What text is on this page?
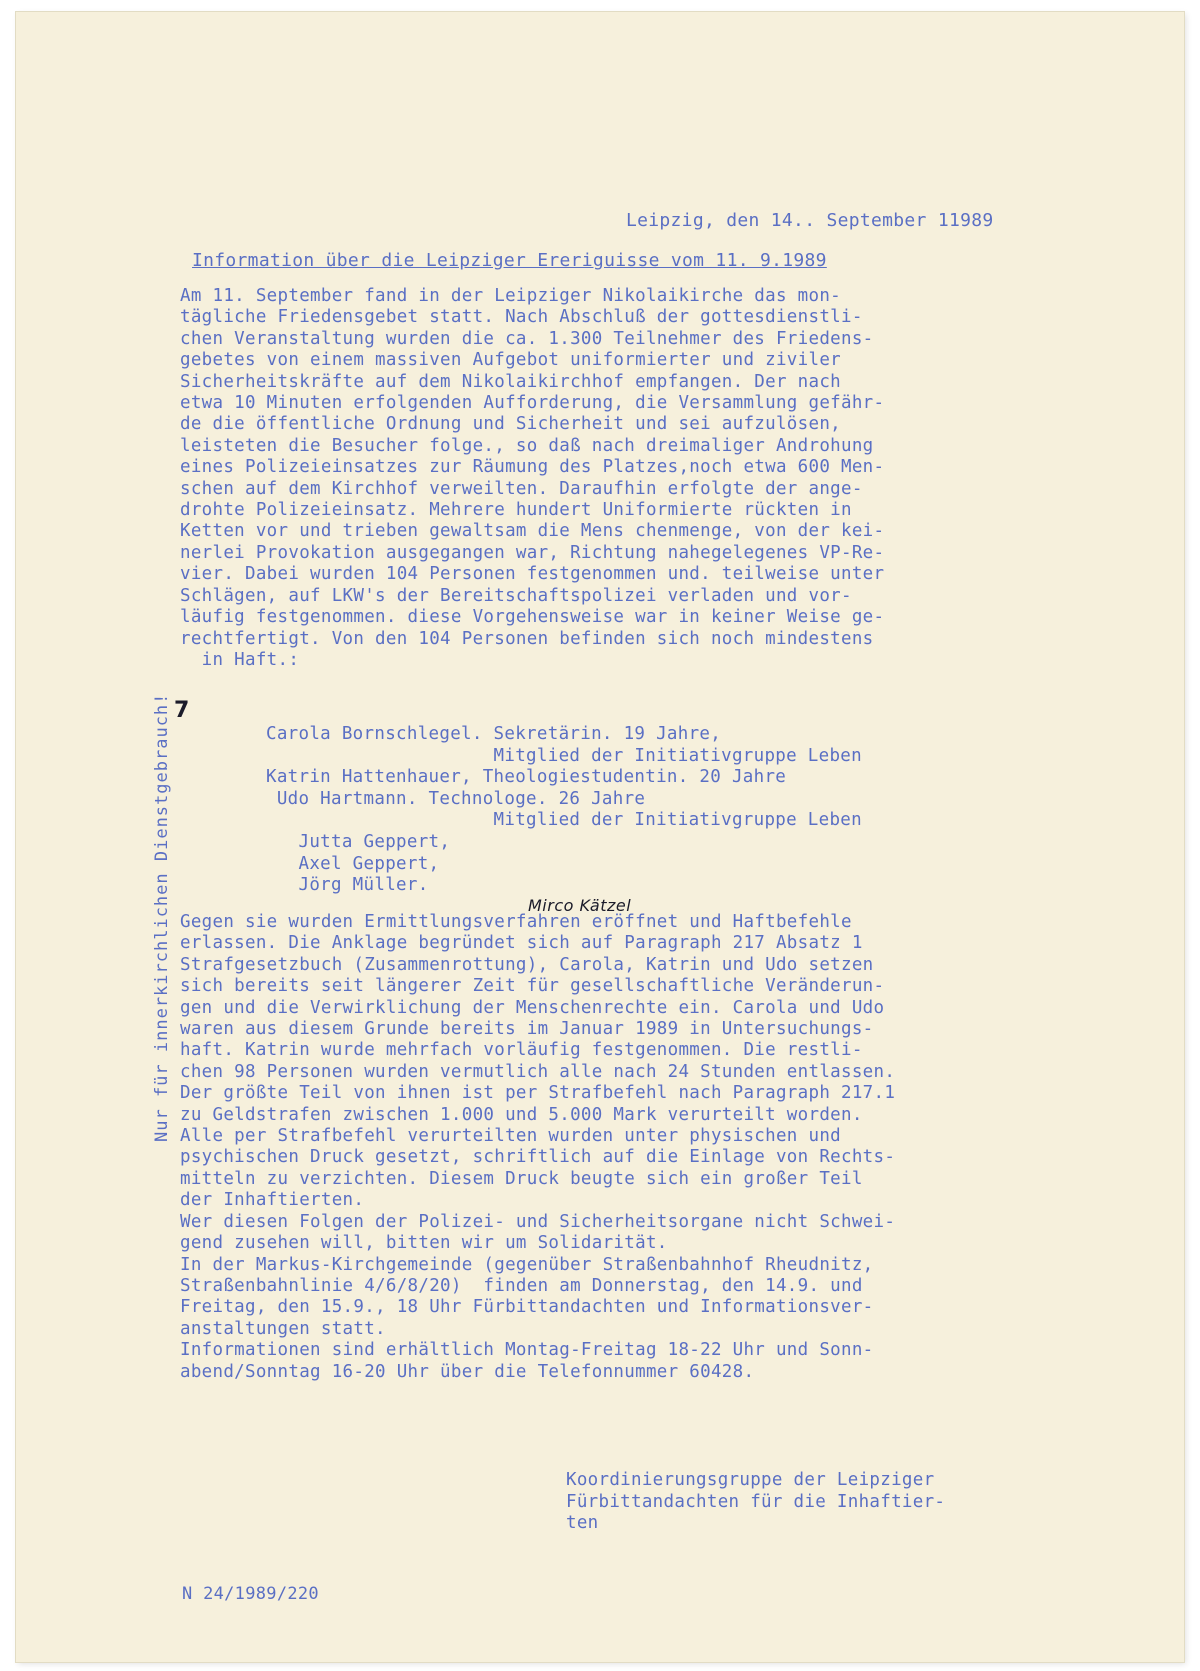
Leipzig, den 14.. September 11989
Information über die Leipziger Ereriguisse vom 11. 9.1989
Am 11. September fand in der Leipziger Nikolaikirche das mon-
tägliche Friedensgebet statt. Nach Abschluß der gottesdienstli-
chen Veranstaltung wurden die ca. 1.300 Teilnehmer des Friedens-
gebetes von einem massiven Aufgebot uniformierter und ziviler
Sicherheitskräfte auf dem Nikolaikirchhof empfangen. Der nach
etwa 10 Minuten erfolgenden Aufforderung, die Versammlung gefähr-
de die öffentliche Ordnung und Sicherheit und sei aufzulösen,
leisteten die Besucher folge., so daß nach dreimaliger Androhung
eines Polizeieinsatzes zur Räumung des Platzes,noch etwa 600 Men-
schen auf dem Kirchhof verweilten. Daraufhin erfolgte der ange-
drohte Polizeieinsatz. Mehrere hundert Uniformierte rückten in
Ketten vor und trieben gewaltsam die Mens chenmenge, von der kei-
nerlei Provokation ausgegangen war, Richtung nahegelegenes VP-Re-
vier. Dabei wurden 104 Personen festgenommen und. teilweise unter
Schlägen, auf LKW's der Bereitschaftspolizei verladen und vor-
läufig festgenommen. diese Vorgehensweise war in keiner Weise ge-
rechtfertigt. Von den 104 Personen befinden sich noch mindestens
in Haft.:
7
Carola Bornschlegel. Sekretärin. 19 Jahre,
Mitglied der Initiativgruppe Leben
Katrin Hattenhauer, Theologiestudentin. 20 Jahre
Udo Hartmann. Technologe. 26 Jahre
Mitglied der Initiativgruppe Leben
Jutta Geppert,
Axel Geppert,
Jörg Müller.
Mirco Kätzel
Gegen sie wurden Ermittlungsverfahren eröffnet und Haftbefehle
erlassen. Die Anklage begründet sich auf Paragraph 217 Absatz 1
Strafgesetzbuch (Zusammenrottung), Carola, Katrin und Udo setzen
sich bereits seit längerer Zeit für gesellschaftliche Veränderun-
gen und die Verwirklichung der Menschenrechte ein. Carola und Udo
waren aus diesem Grunde bereits im Januar 1989 in Untersuchungs-
haft. Katrin wurde mehrfach vorläufig festgenommen. Die restli-
chen 98 Personen wurden vermutlich alle nach 24 Stunden entlassen.
Der größte Teil von ihnen ist per Strafbefehl nach Paragraph 217.1
zu Geldstrafen zwischen 1.000 und 5.000 Mark verurteilt worden.
Alle per Strafbefehl verurteilten wurden unter physischen und
psychischen Druck gesetzt, schriftlich auf die Einlage von Rechts-
mitteln zu verzichten. Diesem Druck beugte sich ein großer Teil
der Inhaftierten.
Wer diesen Folgen der Polizei- und Sicherheitsorgane nicht Schwei-
gend zusehen will, bitten wir um Solidarität.
In der Markus-Kirchgemeinde (gegenüber Straßenbahnhof Rheudnitz,
Straßenbahnlinie 4/6/8/20)  finden am Donnerstag, den 14.9. und
Freitag, den 15.9., 18 Uhr Fürbittandachten und Informationsver-
anstaltungen statt.
Informationen sind erhältlich Montag-Freitag 18-22 Uhr und Sonn-
abend/Sonntag 16-20 Uhr über die Telefonnummer 60428.
Koordinierungsgruppe der Leipziger
Fürbittandachten für die Inhaftier-
ten
N 24/1989/220
Nur für innerkirchlichen Dienstgebrauch!
